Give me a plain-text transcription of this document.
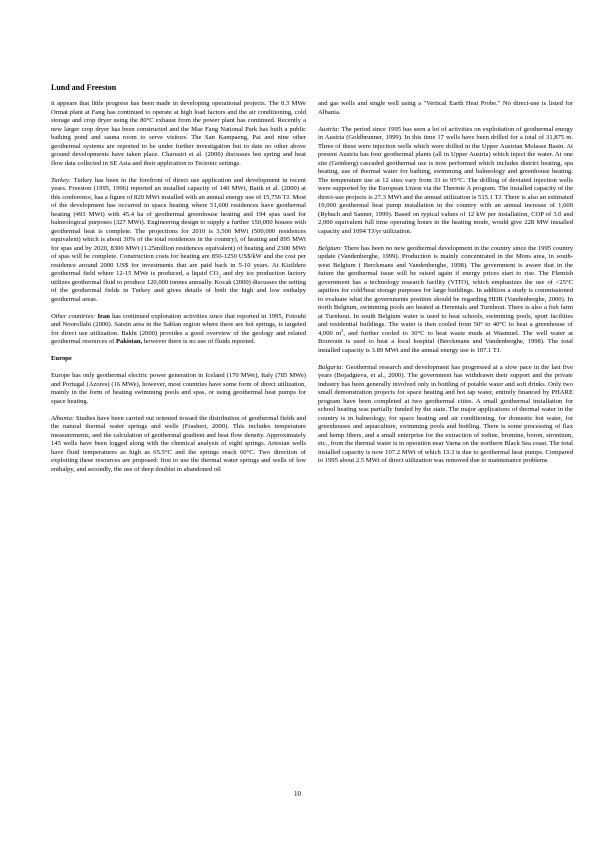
Lund and Freeston

it appears that little progress has been made in developing operational projects. The 0.3 MWe Ormat plant at Fang has continued to operate at high load factors and the air conditioning, cold storage and crop dryer using the 80°C exhaust from the power plant has continued. Recently a new larger crop dryer has been constructed and the Mae Fang National Park has built a public bathing pond and sauna room to serve visitors. The San Kampaeng, Pai and nine other geothermal systems are reported to be under further investigation but to date no other above ground developments have taken place. Charusiri et al. (2000) discusses hot spring and heat flow data collected in SE Asia and their application to Tectonic settings.

Turkey: Turkey has been in the forefront of direct use application and development in recent years. Freeston (1995, 1996) reported an installed capacity of 140 MWt, Batik et al. (2000) at this conference, has a figure of 820 MWt installed with an annual energy use of 15,756 TJ. Most of the development has occurred in space heating where 51,600 residences have geothermal heating (493 MWt) with 45.4 ha of geothermal greenhouse heating and 194 spas used for balneological purposes (327 MWt). Engineering design to supply a further 150,000 houses with geothermal heat is complete. The projections for 2010 is 3,500 MWt (500,000 residences equivalent) which is about 30% of the total residences in the country), of heating and 895 MWt for spas and by 2020, 8300 MWt (1.25million residences equivalent) of heating and 2300 MWt of spas will be complete. Construction costs for heating are 850-1250 US$/kW and the cost per residence around 2000 US$ for investments that are paid back in 5-10 years. At Kizildere geothermal field where 12-15 MWe is produced, a liquid $CO_2$ and dry ice production factory utilizes geothermal fluid to produce 120,000 tonnes annually. Kocak (2000) discusses the setting of the geothermal fields in Turkey and gives details of both the high and low enthalpy geothermal areas.

Other countries: Iran has continued exploration activities since that reported in 1995, Fotouhi and Noorollahi (2000). Sarein area in the Sablan region where there are hot springs, is targeted for direct use utilization. Bakht (2000) provides a good overview of the geology and related geothermal resources of Pakistan, however there is no use of fluids reported.

Europe

Europe has only geothermal electric power generation in Iceland (170 MWe), Italy (785 MWe) and Portugal (Azores) (16 MWe), however, most countries have some form of direct utilization, mainly in the form of heating swimming pools and spas, or using geothermal heat pumps for space heating.

Albania: Studies have been carried out oriented toward the distribution of geothermal fields and the natural thermal water springs and wells (Frasheri, 2000). This includes temperature measurements, and the calculation of geothermal gradient and heat flow density. Approximately 145 wells have been logged along with the chemical analysis of eight springs. Artesian wells have fluid temperatures as high as 65.5°C and the springs reach 60°C. Two direction of exploiting these resources are proposed: first to use the thermal water springs and wells of low enthalpy, and secondly, the use of deep doublet in abandoned oil

and gas wells and single well using a "Vertical Earth Heat Probe." No direct-use is listed for Albania.

Austria: The period since 1995 has seen a lot of activities on exploitation of geothermal energy in Austria (Goldbrunner, 1999). In this time 17 wells have been drilled for a total of 31,875 m. Three of these were injection wells which were drilled in the Upper Austrian Molasse Basin. At present Austria has four geothermal plants (all in Upper Austria) which inject the water. At one site (Geinberg) cascaded geothermal use is now performed which includes district heating, spa heating, use of thermal water for bathing, swimming and balneology and greenhouse heating. The temperature use at 12 sites vary from 33 to 95°C. The drilling of deviated injection wells were supported by the European Union via the Thermie A program. The installed capacity of the direct-use projects is 27.3 MWt and the annual utilization is 515.1 TJ. There is also an estimated 19,000 geothermal heat pump installation in the country with an annual increase of 1,600 (Rybach and Sanner, 1999). Based on typical values of 12 kW per installation, COP of 3.0 and 2,000 equivalent full time operating hours in the heating mode, would give 228 MW installed capacity and 1094 TJ/yr utilization.

Belgium: There has been no new geothermal development in the country since the 1995 country update (Vandenberghe, 1999). Production is mainly concentrated in the Mons area, in south-west Belgium ( Berckmans and Vandenberghe, 1998). The government is aware that in the future the geothermal issue will be raised again if energy prices start to rise. The Flemish government has a technology research facility (VITO), which emphasizes the use of <25°C aquifers for cold/heat storage purposes for large buildings. In addition a study is commissioned to evaluate what the governments position should be regarding HDR (Vandenberghe, 2000). In north Belgium, swimming pools are heated at Herentals and Turnhout. There is also a fish farm at Turnhout. In south Belgium water is used to heat schools, swimming pools, sport facilities and residential buildings. The water is then cooled from 50° to 40°C to heat a greenhouse of 4,000 $m^2$, and further cooled to 30°C to heat waste muds at Wasmuel. The well water at Bouvrain is used to heat a local hospital (Berckmans and Vandenberghe, 1998). The total installed capacity is 3.89 MWt and the annual energy use is 107.1 TJ.

Bulgaria: Geothermal research and development has progressed at a slow pace in the last five years (Bojadgieva, et al., 2000). The government has withdrawn their support and the private industry has been generally involved only in bottling of potable water and soft drinks. Only two small demonstration projects for space heating and hot tap water, entirely financed by PHARE program have been completed at two geothermal cities. A small geothermal installation for school heating was partially funded by the state. The major applications of thermal water in the country is in balneology, for space heating and air conditioning, for domestic hot water, for greenhouses and aquaculture, swimming pools and bottling. There is some processing of flax and hemp fibers, and a small enterprise for the extraction of iodine, bromine, boron, strontium, etc., from the thermal water is in operation near Varna on the northern Black Sea coast. The total installed capacity is now 107.2 MWt of which 13.3 is due to geothermal heat pumps. Compared to 1995 about 2.5 MWt of direct utilization was removed due to maintenance problems

10
